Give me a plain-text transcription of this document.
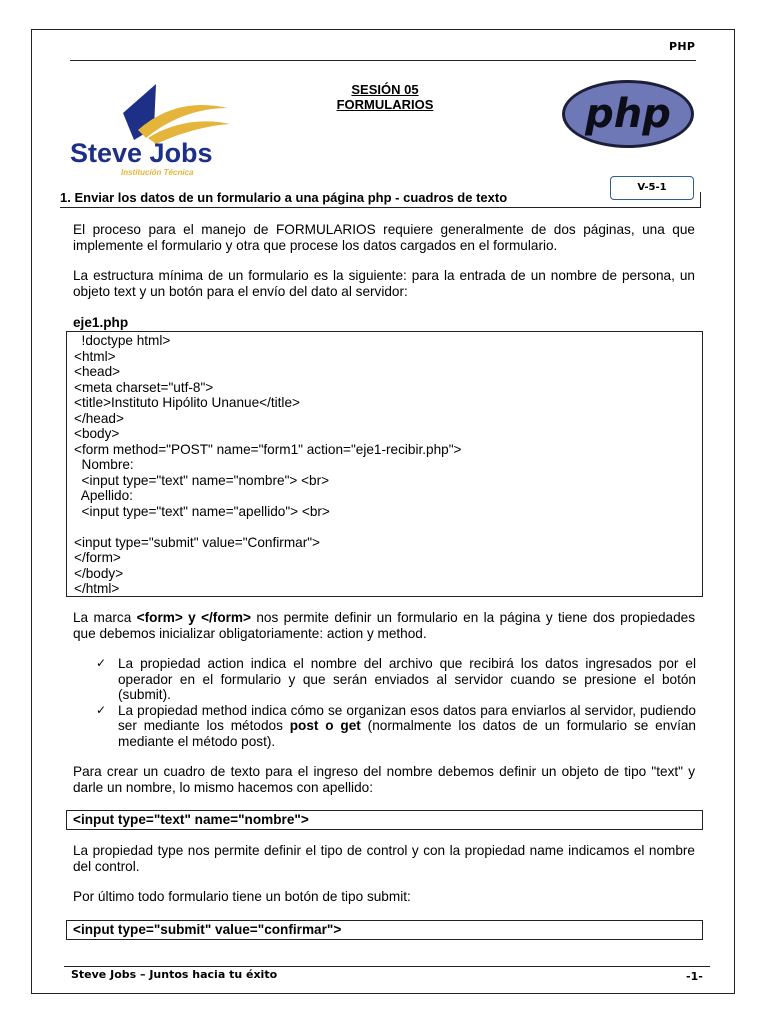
PHP
Steve Jobs
Institución Técnica
SESIÓN 05
FORMULARIOS	php
V-5-1
1. Enviar los datos de un formulario a una página php - cuadros de texto
El proceso para el manejo de FORMULARIOS requiere generalmente de dos páginas, una que implemente el formulario y otra que procese los datos cargados en el formulario.
La estructura mínima de un formulario es la siguiente: para la entrada de un nombre de persona, un objeto text y un botón para el envío del dato al servidor:
eje1.php
!doctype html>
<html>
<head>
<meta charset="utf-8">
<title>Instituto Hipólito Unanue</title>
</head>
<body>
<form method="POST" name="form1" action="eje1-recibir.php">
Nombre:
<input type="text" name="nombre"> <br>
Apellido:
<input type="text" name="apellido"> <br>
<input type="submit" value="Confirmar">
</form>
</body>
</html>
La marca <form> y </form> nos permite definir un formulario en la página y tiene dos propiedades que debemos inicializar obligatoriamente: action y method.
✓ La propiedad action indica el nombre del archivo que recibirá los datos ingresados por el operador en el formulario y que serán enviados al servidor cuando se presione el botón (submit).
✓ La propiedad method indica cómo se organizan esos datos para enviarlos al servidor, pudiendo ser mediante los métodos post o get (normalmente los datos de un formulario se envían mediante el método post).
Para crear un cuadro de texto para el ingreso del nombre debemos definir un objeto de tipo "text" y darle un nombre, lo mismo hacemos con apellido:
<input type="text" name="nombre">
La propiedad type nos permite definir el tipo de control y con la propiedad name indicamos el nombre del control.
Por último todo formulario tiene un botón de tipo submit:
<input type="submit" value="confirmar">
Steve Jobs – Juntos hacia tu éxito	-1-
